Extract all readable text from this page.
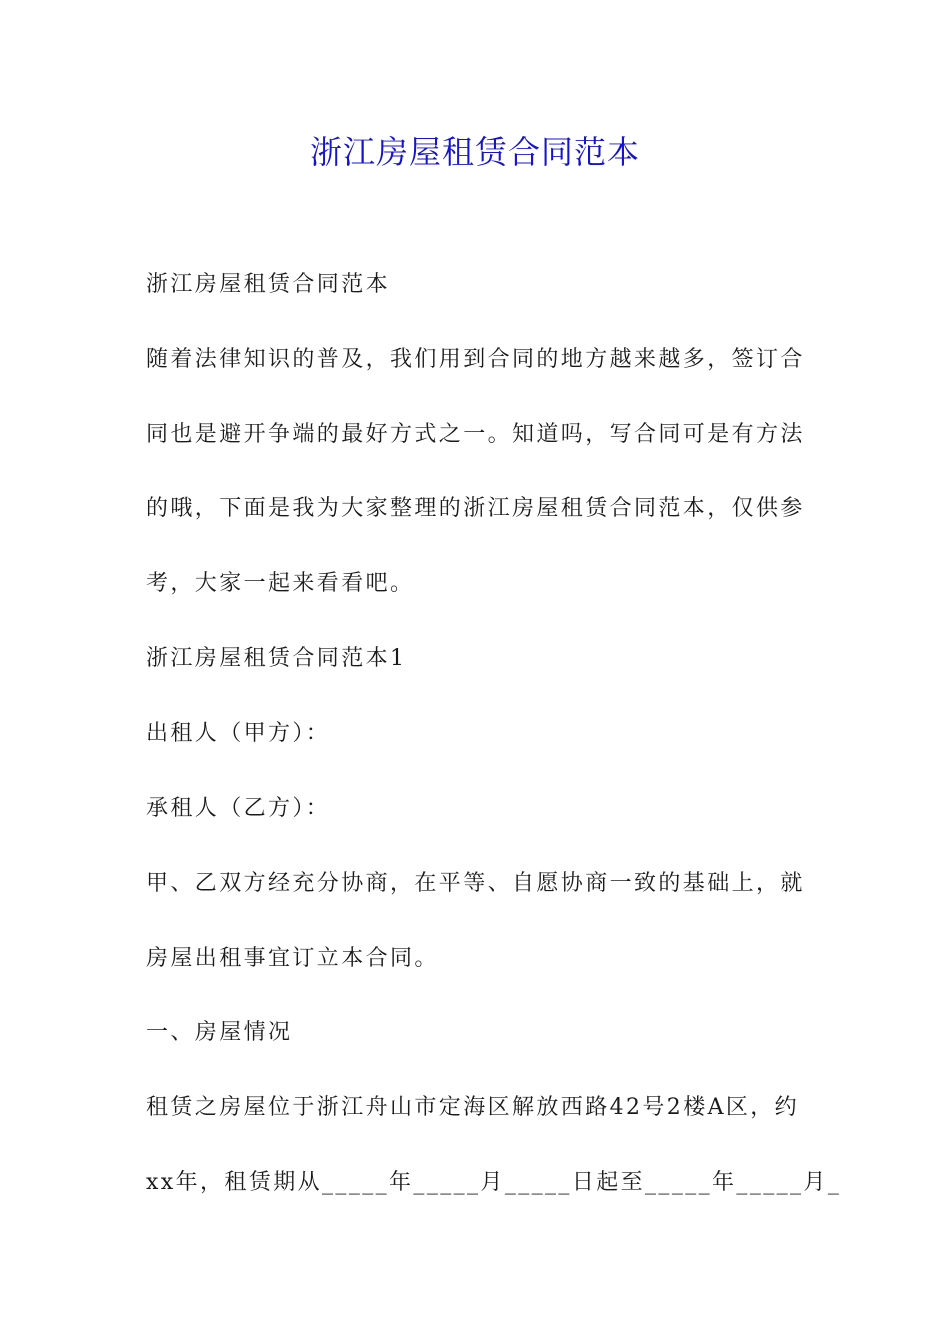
浙江房屋租赁合同范本

浙江房屋租赁合同范本

随着法律知识的普及，我们用到合同的地方越来越多，签订合

同也是避开争端的最好方式之一。知道吗，写合同可是有方法

的哦，下面是我为大家整理的浙江房屋租赁合同范本，仅供参

考，大家一起来看看吧。

浙江房屋租赁合同范本1

出租人（甲方）：

承租人（乙方）：

甲、乙双方经充分协商，在平等、自愿协商一致的基础上，就

房屋出租事宜订立本合同。

一、房屋情况

租赁之房屋位于浙江舟山市定海区解放西路42号2楼A区，约

xx年，租赁期从_____年_____月_____日起至_____年_____月_
